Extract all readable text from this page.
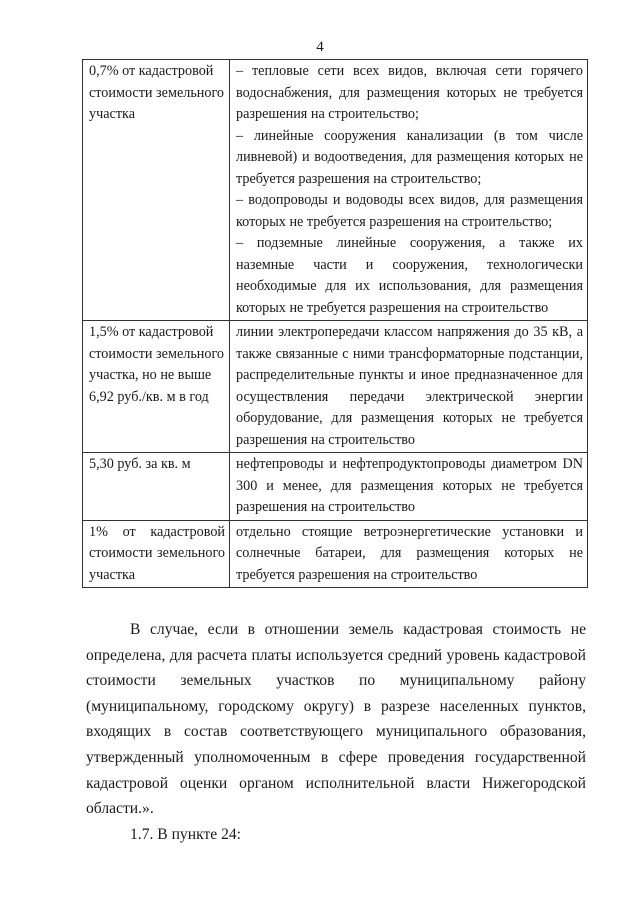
4
0,7% от кадастровой стоимости земельного участка	– тепловые сети всех видов, включая сети горячего водоснабжения, для размещения которых не требуется разрешения на строительство;
– линейные сооружения канализации (в том числе ливневой) и водоотведения, для размещения которых не требуется разрешения на строительство;
– водопроводы и водоводы всех видов, для размещения которых не требуется разрешения на строительство;
– подземные линейные сооружения, а также их наземные части и сооружения, технологически необходимые для их использования, для размещения которых не требуется разрешения на строительство

1,5% от кадастровой стоимости земельного участка, но не выше 6,92 руб./кв. м в год	линии электропередачи классом напряжения до 35 кВ, а также связанные с ними трансформаторные подстанции, распределительные пункты и иное предназначенное для осуществления передачи электрической энергии оборудование, для размещения которых не требуется разрешения на строительство

5,30 руб. за кв. м	нефтепроводы и нефтепродуктопроводы диаметром DN 300 и менее, для размещения которых не требуется разрешения на строительство

1% от кадастровой стоимости земельного участка	отдельно стоящие ветроэнергетические установки и солнечные батареи, для размещения которых не требуется разрешения на строительство

В случае, если в отношении земель кадастровая стоимость не определена, для расчета платы используется средний уровень кадастровой стоимости земельных участков по муниципальному району (муниципальному, городскому округу) в разрезе населенных пунктов, входящих в состав соответствующего муниципального образования, утвержденный уполномоченным в сфере проведения государственной кадастровой оценки органом исполнительной власти Нижегородской области.».

1.7. В пункте 24:
